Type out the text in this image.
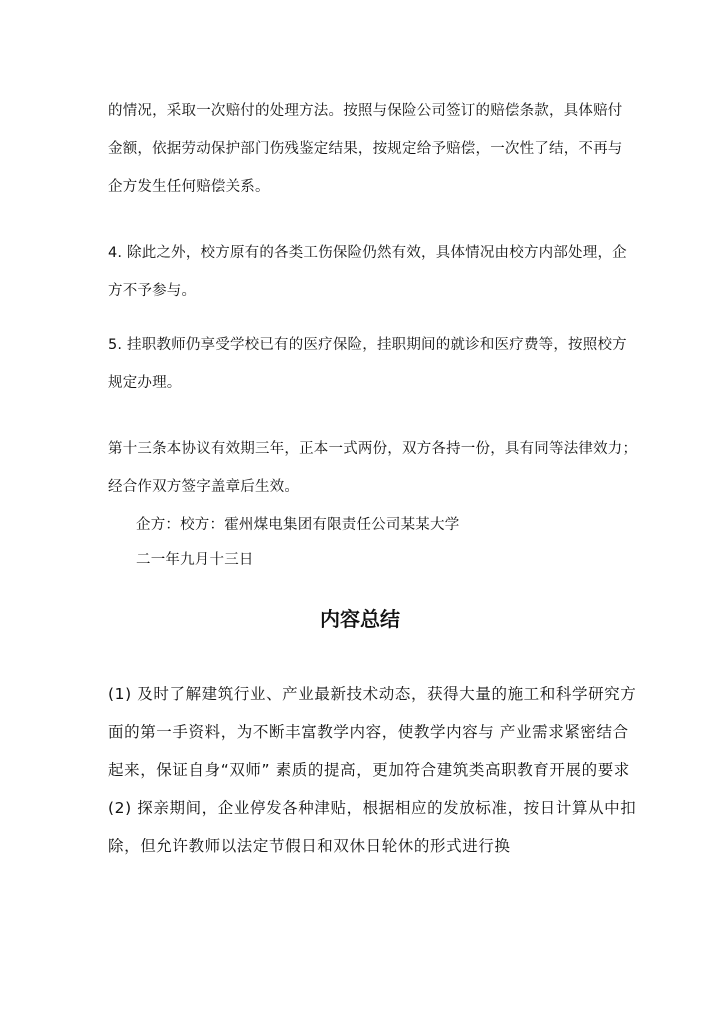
的情况，采取一次赔付的处理方法。按照与保险公司签订的赔偿条款，具体赔付
金额，依据劳动保护部门伤残鉴定结果，按规定给予赔偿，一次性了结，不再与
企方发生任何赔偿关系。
4. 除此之外，校方原有的各类工伤保险仍然有效，具体情况由校方内部处理，企
方不予参与。
5. 挂职教师仍享受学校已有的医疗保险，挂职期间的就诊和医疗费等，按照校方
规定办理。
第十三条本协议有效期三年，正本一式两份，双方各持一份，具有同等法律效力；
经合作双方签字盖章后生效。
企方：校方：霍州煤电集团有限责任公司某某大学
二一年九月十三日
内容总结
(1) 及时了解建筑行业、产业最新技术动态，获得大量的施工和科学研究方
面的第一手资料，为不断丰富教学内容，使教学内容与 产业需求紧密结合
起来，保证自身“双师” 素质的提高，更加符合建筑类高职教育开展的要求
(2) 探亲期间，企业停发各种津贴，根据相应的发放标准，按日计算从中扣
除，但允许教师以法定节假日和双休日轮休的形式进行换
